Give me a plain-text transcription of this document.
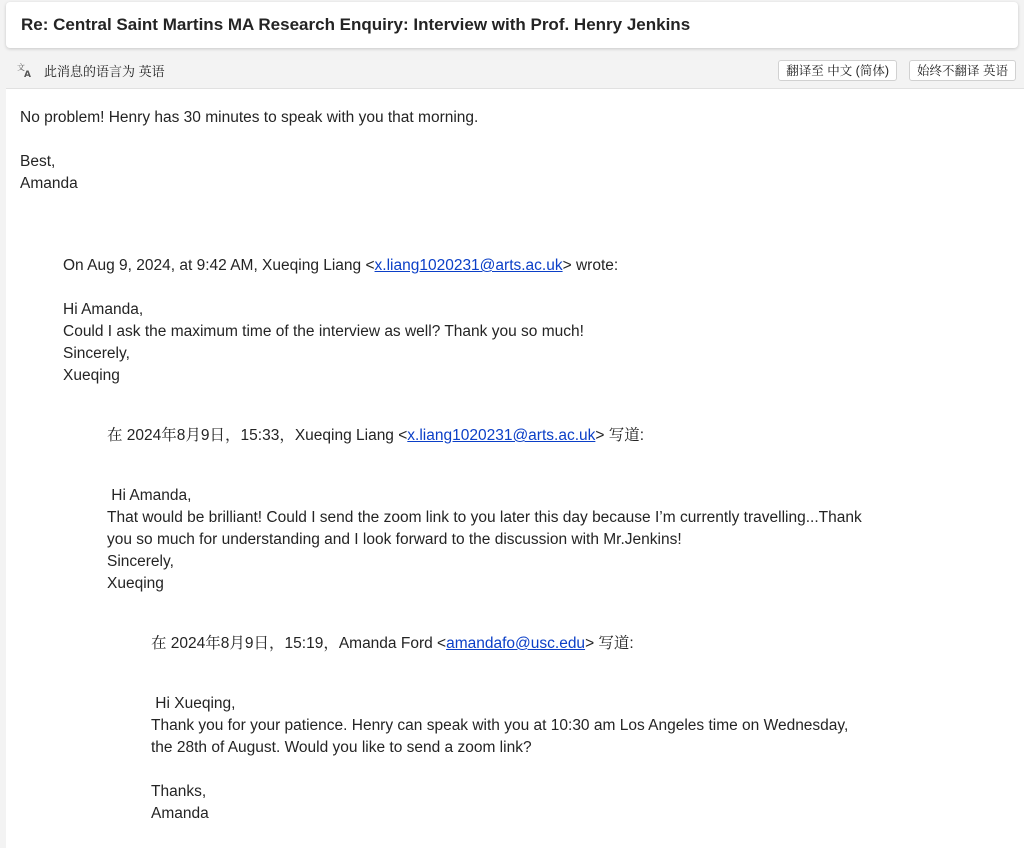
Re: Central Saint Martins MA Research Enquiry: Interview with Prof. Henry Jenkins
文
A 此消息的语言为 英语	翻译至 中文 (简体)	始终不翻译 英语
No problem! Henry has 30 minutes to speak with you that morning.
Best,
Amanda
On Aug 9, 2024, at 9:42 AM, Xueqing Liang <x.liang1020231@arts.ac.uk> wrote:
Hi Amanda,
Could I ask the maximum time of the interview as well? Thank you so much!
Sincerely,
Xueqing
在 2024年8月9日，15:33，Xueqing Liang <x.liang1020231@arts.ac.uk> 写道:
Hi Amanda,
That would be brilliant! Could I send the zoom link to you later this day because I’m currently travelling...Thank
you so much for understanding and I look forward to the discussion with Mr.Jenkins!
Sincerely,
Xueqing
在 2024年8月9日，15:19，Amanda Ford <amandafo@usc.edu> 写道:
Hi Xueqing,
Thank you for your patience. Henry can speak with you at 10:30 am Los Angeles time on Wednesday,
the 28th of August. Would you like to send a zoom link?
Thanks,
Amanda
